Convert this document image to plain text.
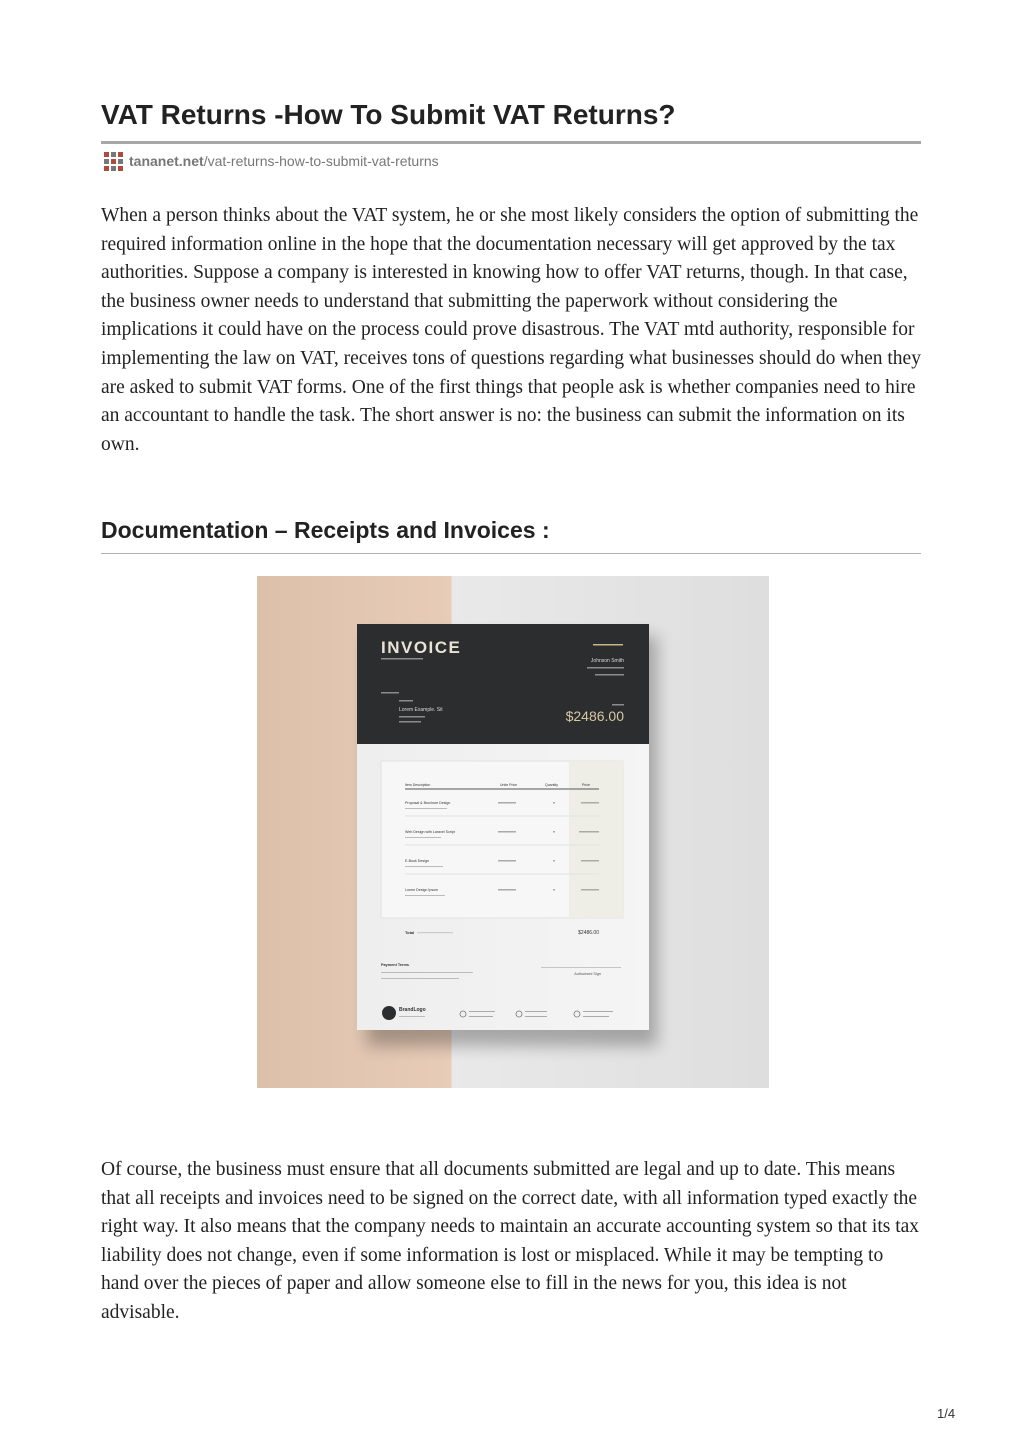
VAT Returns -How To Submit VAT Returns?
tananet.net /vat-returns-how-to-submit-vat-returns

When a person thinks about the VAT system, he or she most likely considers the option of submitting the required information online in the hope that the documentation necessary will get approved by the tax authorities. Suppose a company is interested in knowing how to offer VAT returns, though. In that case, the business owner needs to understand that submitting the paperwork without considering the implications it could have on the process could prove disastrous. The VAT mtd authority, responsible for implementing the law on VAT, receives tons of questions regarding what businesses should do when they are asked to submit VAT forms. One of the first things that people ask is whether companies need to hire an accountant to handle the task. The short answer is no: the business can submit the information on its own.

Documentation – Receipts and Invoices :
INVOICE
Lorem Example. Sit
Johnson Smith
$2486.00
Item Description	Unite Price	Quantity	Price
Proposal & Brochure Design
Web Design with Laravel Script
E-Book Design
Lorem Design Ipsum
Total	$2486.00
Payment Terms
Authorised Sign
BrandLogo

Of course, the business must ensure that all documents submitted are legal and up to date. This means that all receipts and invoices need to be signed on the correct date, with all information typed exactly the right way. It also means that the company needs to maintain an accurate accounting system so that its tax liability does not change, even if some information is lost or misplaced. While it may be tempting to hand over the pieces of paper and allow someone else to fill in the news for you, this idea is not advisable.

1/4
